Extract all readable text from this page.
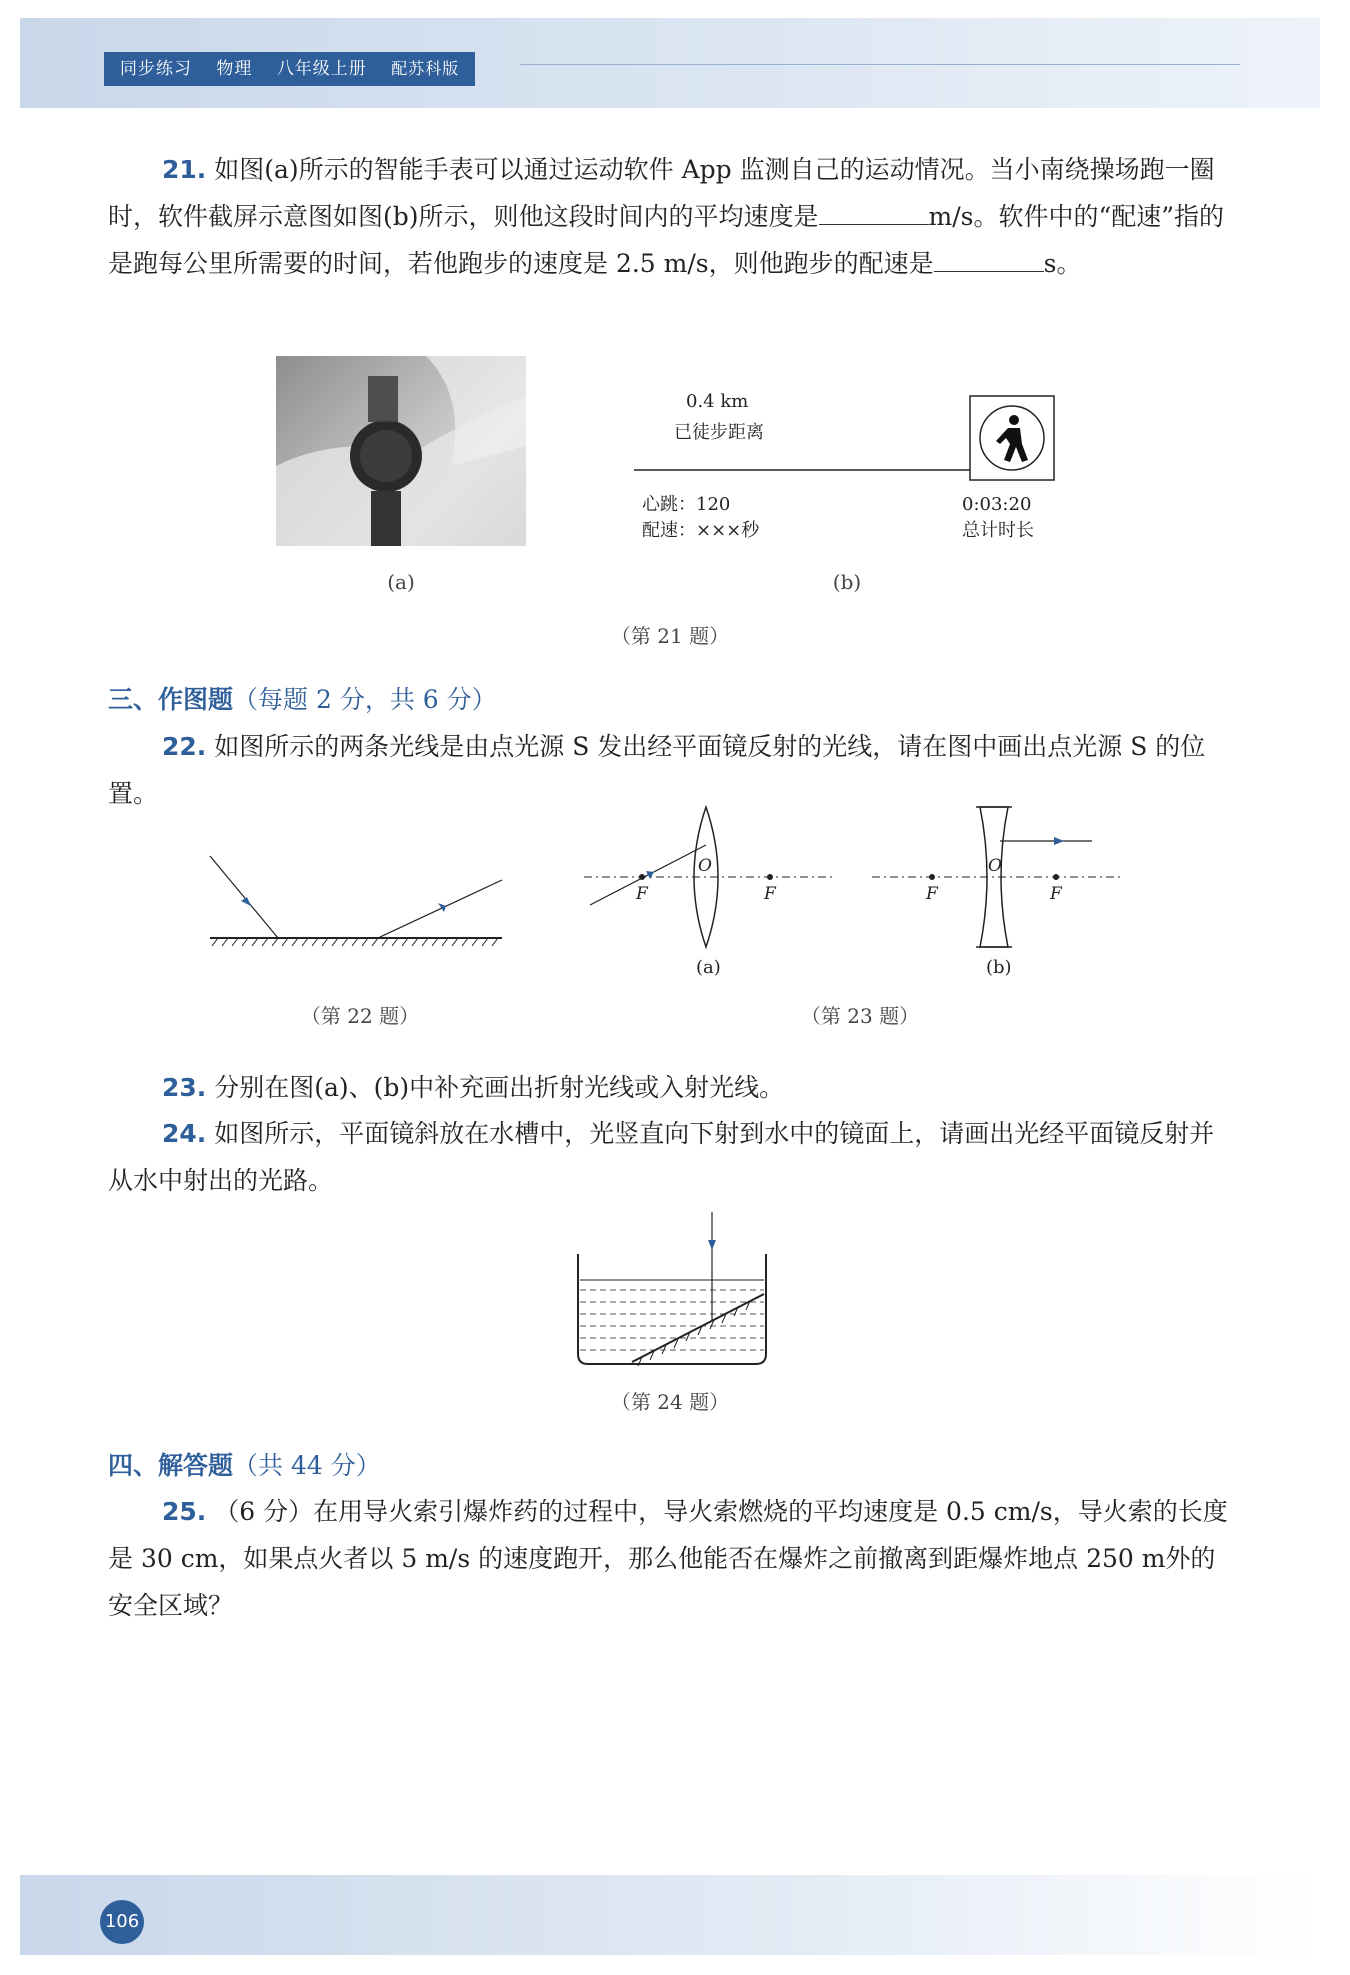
同步练习 物理 八年级上册 配苏科版
21. 如图(a)所示的智能手表可以通过运动软件 App 监测自己的运动情况。当小南绕操场跑一圈时，软件截屏示意图如图(b)所示，则他这段时间内的平均速度是	m/s。软件中的“配速”指的是跑每公里所需要的时间，若他跑步的速度是 2.5 m/s，则他跑步的配速是	s。
(a)
0.4 km
已徒步距离
心跳：120
配速：×××秒
0:03:20
总计时长
(b)
（第 21 题）
三、作图题（每题 2 分，共 6 分）
22. 如图所示的两条光线是由点光源 S 发出经平面镜反射的光线，请在图中画出点光源 S 的位置。
（第 22 题）
F	F
O
(a)
F	F
O
(b)
（第 23 题）
23. 分别在图(a)、(b)中补充画出折射光线或入射光线。
24. 如图所示，平面镜斜放在水槽中，光竖直向下射到水中的镜面上，请画出光经平面镜反射并从水中射出的光路。
（第 24 题）
四、解答题（共 44 分）
25. （6 分）在用导火索引爆炸药的过程中，导火索燃烧的平均速度是 0.5 cm/s，导火索的长度是 30 cm，如果点火者以 5 m/s 的速度跑开，那么他能否在爆炸之前撤离到距爆炸地点 250 m外的安全区域？
106
